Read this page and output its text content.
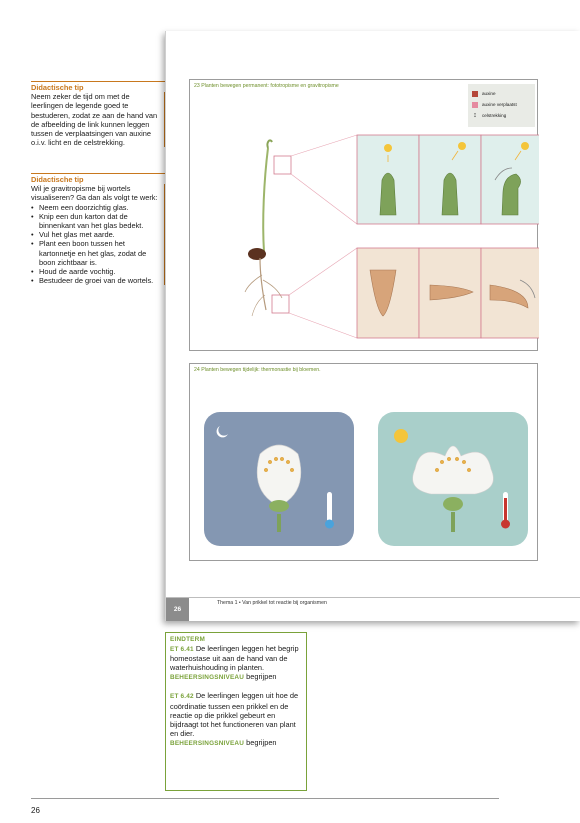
Didactische tip
Neem zeker de tijd om met de leerlingen de legende goed te bestuderen, zodat ze aan de hand van de afbeelding de link kunnen leggen tussen de verplaatsingen van auxine o.i.v. licht en de celstrekking.
Didactische tip
Wil je gravitropisme bij wortels visualiseren? Ga dan als volgt te werk:
• Neem een doorzichtig glas.
• Knip een dun karton dat de binnenkant van het glas bedekt.
• Vul het glas met aarde.
• Plant een boon tussen het kartonnetje en het glas, zodat de boon zichtbaar is.
• Houd de aarde vochtig.
• Bestudeer de groei van de wortels.
23 Planten bewegen permanent: fototropisme en gravitropisme
auxine
auxine verplaatst
↕ celstrekking
24 Planten bewegen tijdelijk: thermonastie bij bloemen.
26
Thema 1 • Van prikkel tot reactie bij organismen
EINDTERM
ET 6.41 De leerlingen leggen het begrip homeostase uit aan de hand van de waterhuishouding in planten.
BEHEERSINGSNIVEAU begrijpen
ET 6.42 De leerlingen leggen uit hoe de coördinatie tussen een prikkel en de reactie op die prikkel gebeurt en bijdraagt tot het functioneren van plant en dier.
BEHEERSINGSNIVEAU begrijpen
26
